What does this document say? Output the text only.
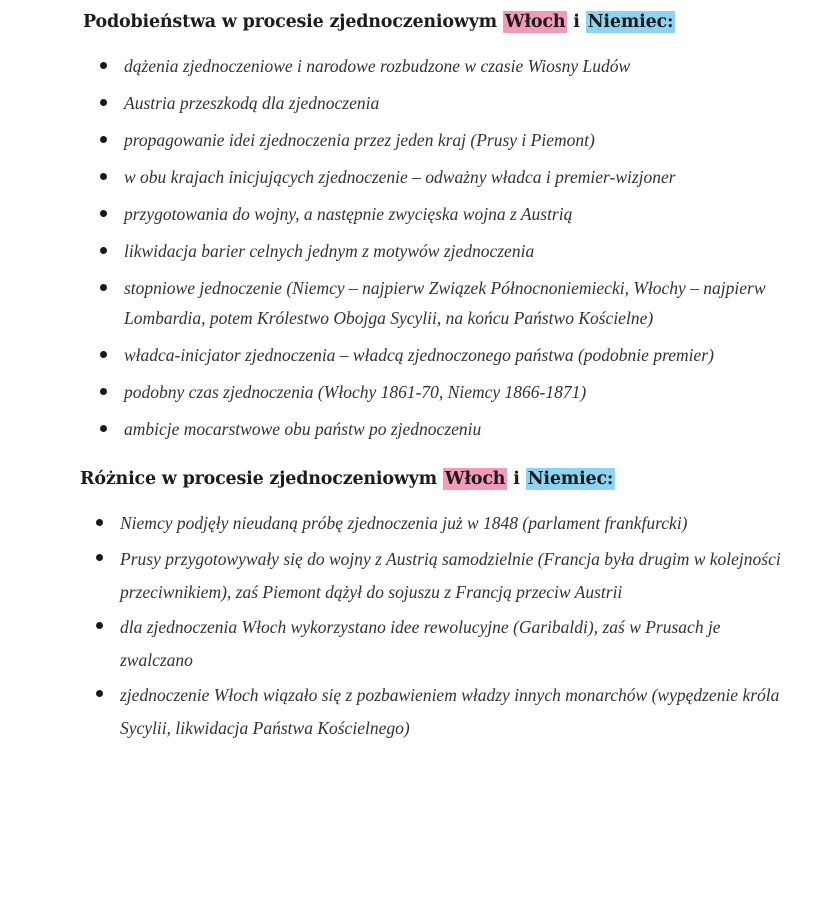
Podobieństwa w procesie zjednoczeniowym Włoch i Niemiec:
dążenia zjednoczeniowe i narodowe rozbudzone w czasie Wiosny Ludów
Austria przeszkodą dla zjednoczenia
propagowanie idei zjednoczenia przez jeden kraj (Prusy i Piemont)
w obu krajach inicjujących zjednoczenie – odważny władca i premier-wizjoner
przygotowania do wojny, a następnie zwycięska wojna z Austrią
likwidacja barier celnych jednym z motywów zjednoczenia
stopniowe jednoczenie (Niemcy – najpierw Związek Północnoniemiecki, Włochy – najpierw Lombardia, potem Królestwo Obojga Sycylii, na końcu Państwo Kościelne)
władca-inicjator zjednoczenia – władcą zjednoczonego państwa (podobnie premier)
podobny czas zjednoczenia (Włochy 1861-70, Niemcy 1866-1871)
ambicje mocarstwowe obu państw po zjednoczeniu
Różnice w procesie zjednoczeniowym Włoch i Niemiec:
Niemcy podjęły nieudaną próbę zjednoczenia już w 1848 (parlament frankfurcki)
Prusy przygotowywały się do wojny z Austrią samodzielnie (Francja była drugim w kolejności przeciwnikiem), zaś Piemont dążył do sojuszu z Francją przeciw Austrii
dla zjednoczenia Włoch wykorzystano idee rewolucyjne (Garibaldi), zaś w Prusach je zwalczano
zjednoczenie Włoch wiązało się z pozbawieniem władzy innych monarchów (wypędzenie króla Sycylii, likwidacja Państwa Kościelnego)
